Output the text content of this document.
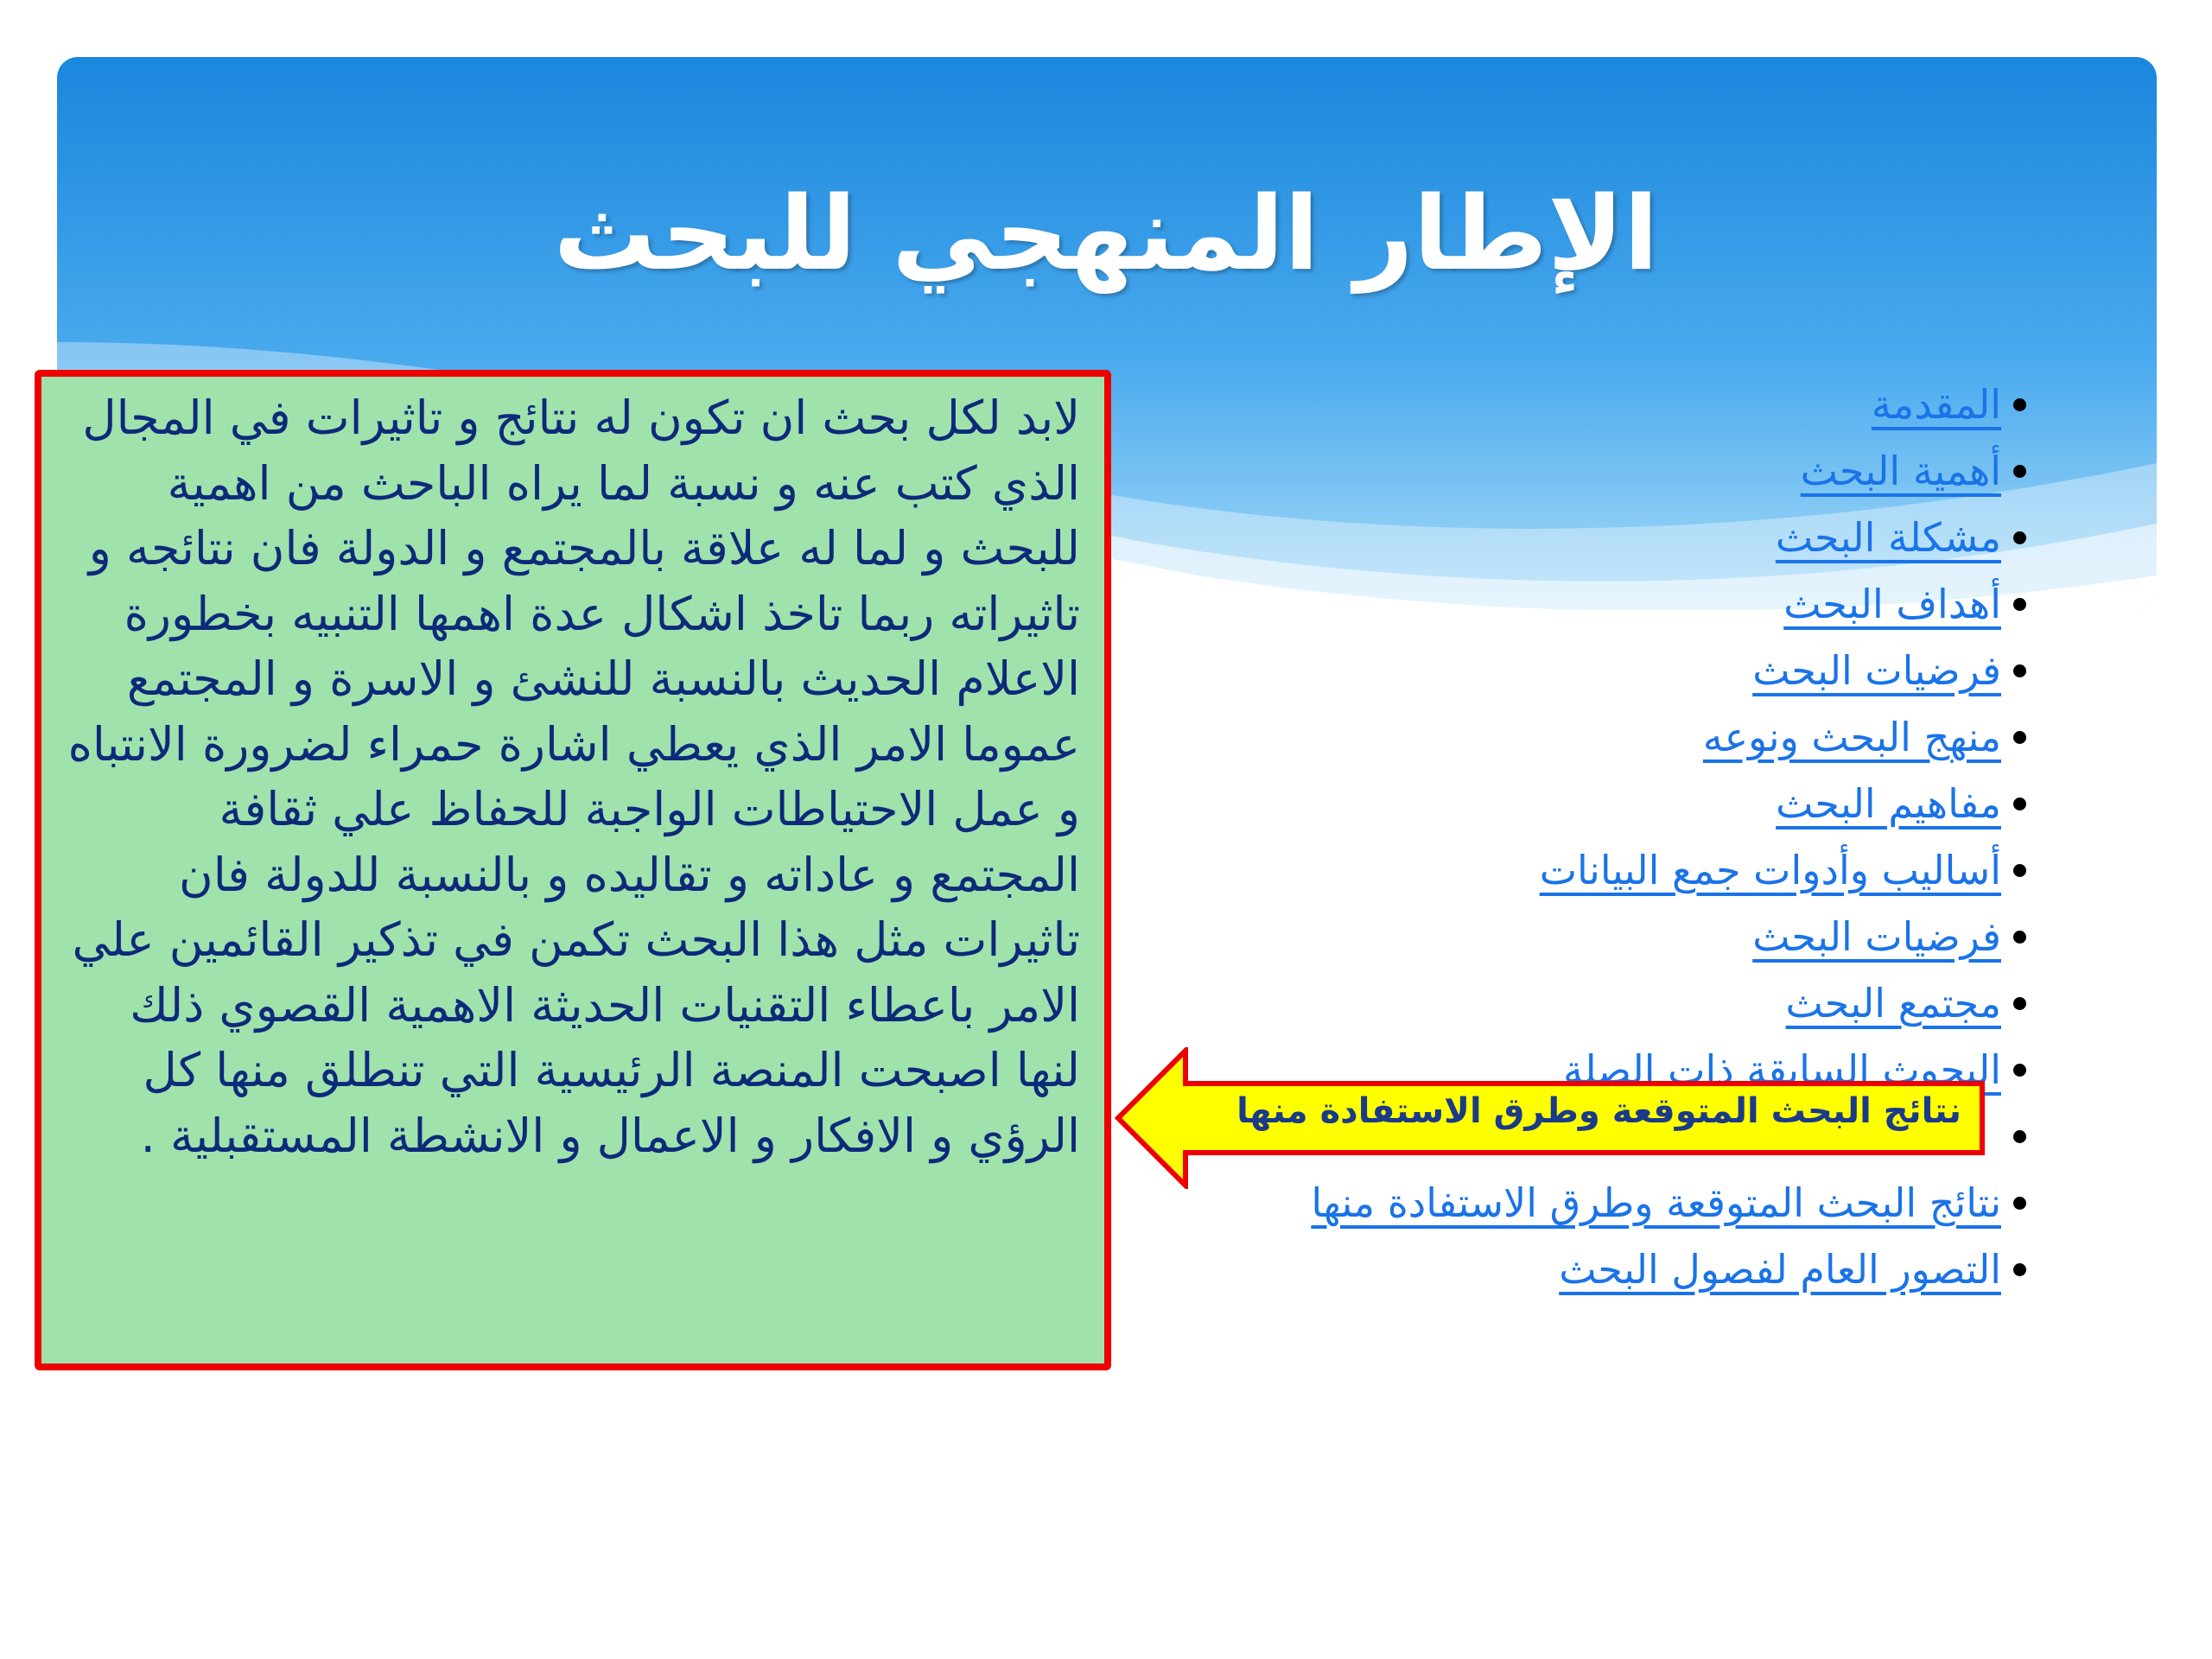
الإطار المنهجي للبحث
المقدمة
أهمية البحث
مشكلة البحث
أهداف البحث
فرضيات البحث
منهج البحث ونوعه
مفاهيم البحث
أساليب وأدوات جمع البيانات
فرضيات البحث
مجتمع البحث
البحوث السابقة ذات الصلة
نتائج البحث المتوقعة وطرق الاستفادة منها
التصور العام لفصول البحث

لابد لكل بحث ان تكون له نتائج و تاثيرات في المجال الذي كتب عنه و نسبة لما يراه الباحث من اهمية للبحث و لما له علاقة بالمجتمع و الدولة فان نتائجه و تاثيراته ربما تاخذ اشكال عدة اهمها التنبيه بخطورة الاعلام الحديث بالنسبة للنشئ و الاسرة و المجتمع عموما الامر الذي يعطي اشارة حمراء لضرورة الانتباه و عمل الاحتياطات الواجبة للحفاظ علي ثقافة المجتمع و عاداته و تقاليده و بالنسبة للدولة فان تاثيرات مثل هذا البحث تكمن في تذكير القائمين علي الامر باعطاء التقنيات الحديثة الاهمية القصوي ذلك لنها اصبحت المنصة الرئيسية التي تنطلق منها كل الرؤي و الافكار و الاعمال و الانشطة المستقبلية .	نتائج البحث المتوقعة وطرق الاستفادة منها
